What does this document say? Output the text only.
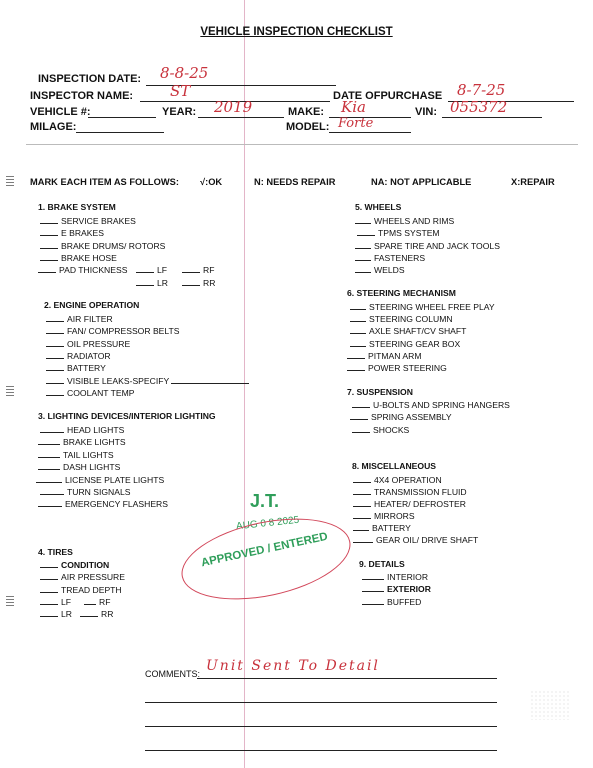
VEHICLE INSPECTION CHECKLIST
INSPECTION DATE: 8-8-25
INSPECTOR NAME: ST	DATE OFPURCHASE 8-7-25
VEHICLE #:	YEAR: 2019	MAKE: Kia	VIN: 055372
MILAGE:	MODEL: Forte
MARK EACH ITEM AS FOLLOWS: √:OK	N: NEEDS REPAIR	NA: NOT APPLICABLE	X:REPAIR
1. BRAKE SYSTEM
SERVICE BRAKES
E BRAKES
BRAKE DRUMS/ ROTORS
BRAKE HOSE
PAD THICKNESS	LF	RF
LR	RR
2. ENGINE OPERATION
AIR FILTER
FAN/ COMPRESSOR BELTS
OIL PRESSURE
RADIATOR
BATTERY
VISIBLE LEAKS-SPECIFY
COOLANT TEMP
3. LIGHTING DEVICES/INTERIOR LIGHTING
HEAD LIGHTS
BRAKE LIGHTS
TAIL LIGHTS
DASH LIGHTS
LICENSE PLATE LIGHTS
TURN SIGNALS
EMERGENCY FLASHERS
4. TIRES
CONDITION
AIR PRESSURE
TREAD DEPTH
LF	RF
LR	RR
5. WHEELS
WHEELS AND RIMS
TPMS SYSTEM
SPARE TIRE AND JACK TOOLS
FASTENERS
WELDS
6. STEERING MECHANISM
STEERING WHEEL FREE PLAY
STEERING COLUMN
AXLE SHAFT/CV SHAFT
STEERING GEAR BOX
PITMAN ARM
POWER STEERING
7. SUSPENSION
U-BOLTS AND SPRING HANGERS
SPRING ASSEMBLY
SHOCKS
8. MISCELLANEOUS
4X4 OPERATION
TRANSMISSION FLUID
HEATER/ DEFROSTER
MIRRORS
BATTERY
GEAR OIL/ DRIVE SHAFT
9. DETAILS
INTERIOR
EXTERIOR
BUFFED
J.T.
AUG 0 8 2025
APPROVED / ENTERED
COMMENTS: Unit Sent To Detail
